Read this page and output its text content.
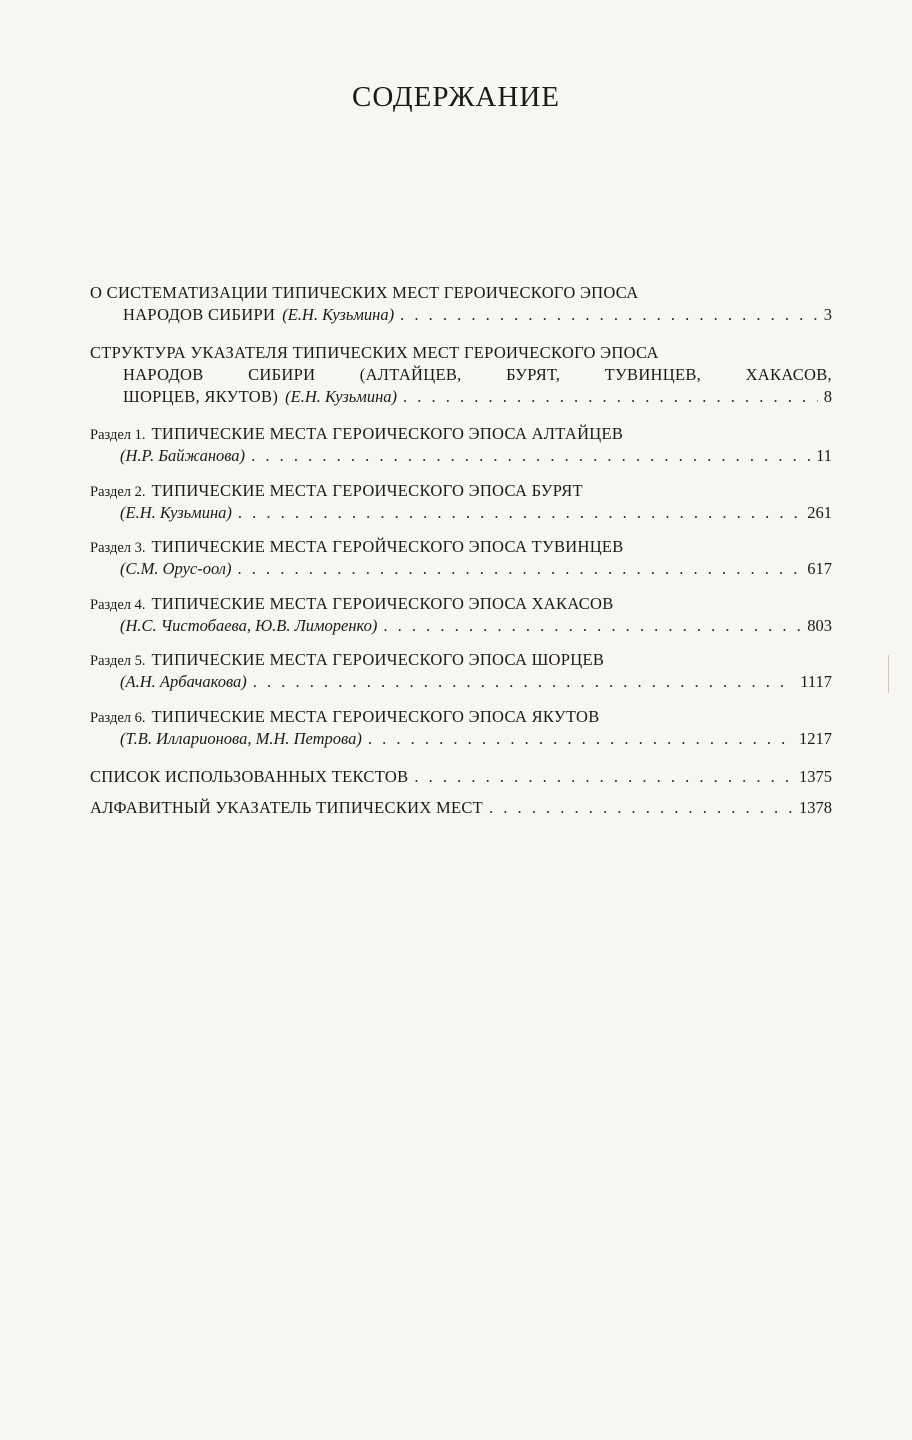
СОДЕРЖАНИЕ
О СИСТЕМАТИЗАЦИИ ТИПИЧЕСКИХ МЕСТ ГЕРОИЧЕСКОГО ЭПОСА
НАРОДОВ СИБИРИ (Е.Н. Кузьмина) . . .	3
СТРУКТУРА УКАЗАТЕЛЯ ТИПИЧЕСКИХ МЕСТ ГЕРОИЧЕСКОГО ЭПОСА
НАРОДОВ	СИБИРИ	(АЛТАЙЦЕВ,	БУРЯТ,	ТУВИНЦЕВ,	ХАКАСОВ,
ШОРЦЕВ, ЯКУТОВ) (Е.Н. Кузьмина) . . .	8
Раздел 1. ТИПИЧЕСКИЕ МЕСТА ГЕРОИЧЕСКОГО ЭПОСА АЛТАЙЦЕВ
(Н.Р. Байжанова) . . .	11
Раздел 2. ТИПИЧЕСКИЕ МЕСТА ГЕРОИЧЕСКОГО ЭПОСА БУРЯТ
(Е.Н. Кузьмина) . . .	261
Раздел 3. ТИПИЧЕСКИЕ МЕСТА ГЕРОЙЧЕСКОГО ЭПОСА ТУВИНЦЕВ
(С.М. Орус-оол) . . .	617
Раздел 4. ТИПИЧЕСКИЕ МЕСТА ГЕРОИЧЕСКОГО ЭПОСА ХАКАСОВ
(Н.С. Чистобаева, Ю.В. Лиморенко) . . .	803
Раздел 5. ТИПИЧЕСКИЕ МЕСТА ГЕРОИЧЕСКОГО ЭПОСА ШОРЦЕВ
(А.Н. Арбачакова) . . .	1117
Раздел 6. ТИПИЧЕСКИЕ МЕСТА ГЕРОИЧЕСКОГО ЭПОСА ЯКУТОВ
(Т.В. Илларионова, М.Н. Петрова) . . .	1217
СПИСОК ИСПОЛЬЗОВАННЫХ ТЕКСТОВ . . .	1375
АЛФАВИТНЫЙ УКАЗАТЕЛЬ ТИПИЧЕСКИХ МЕСТ . . .	1378
